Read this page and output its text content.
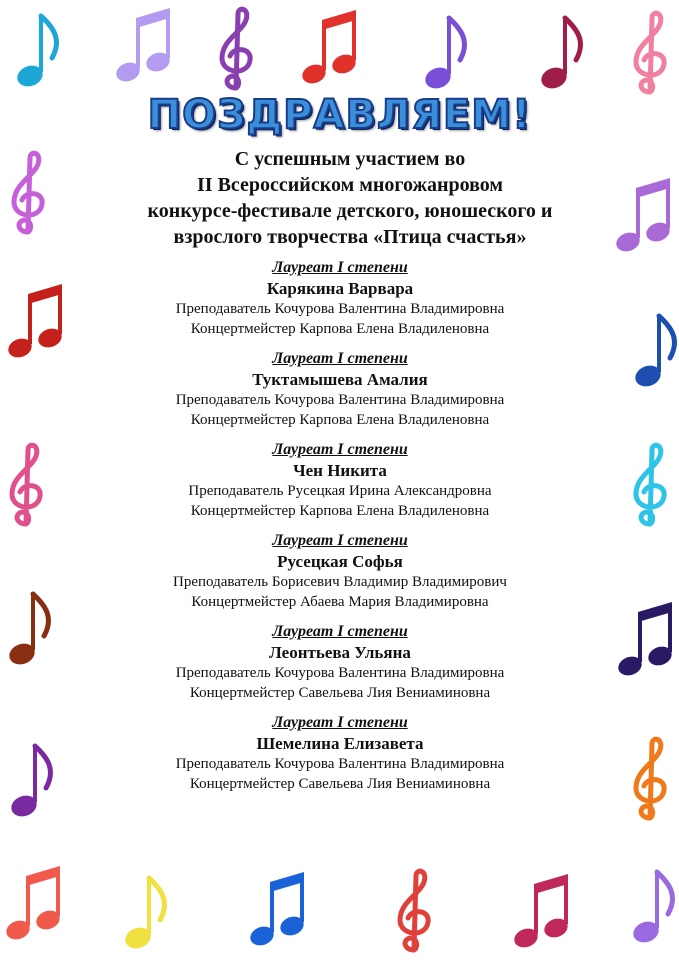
ПОЗДРАВЛЯЕМ!
С успешным участием во
II Всероссийском многожанровом
конкурсе-фестивале детского, юношеского и
взрослого творчества «Птица счастья»
Лауреат I степени
Карякина Варвара
Преподаватель Кочурова Валентина Владимировна
Концертмейстер Карпова Елена Владиленовна
Лауреат I степени
Туктамышева Амалия
Преподаватель Кочурова Валентина Владимировна
Концертмейстер Карпова Елена Владиленовна
Лауреат I степени
Чен Никита
Преподаватель Русецкая Ирина Александровна
Концертмейстер Карпова Елена Владиленовна
Лауреат I степени
Русецкая Софья
Преподаватель Борисевич Владимир Владимирович
Концертмейстер Абаева Мария Владимировна
Лауреат I степени
Леонтьева Ульяна
Преподаватель Кочурова Валентина Владимировна
Концертмейстер Савельева Лия Вениаминовна
Лауреат I степени
Шемелина Елизавета
Преподаватель Кочурова Валентина Владимировна
Концертмейстер Савельева Лия Вениаминовна
